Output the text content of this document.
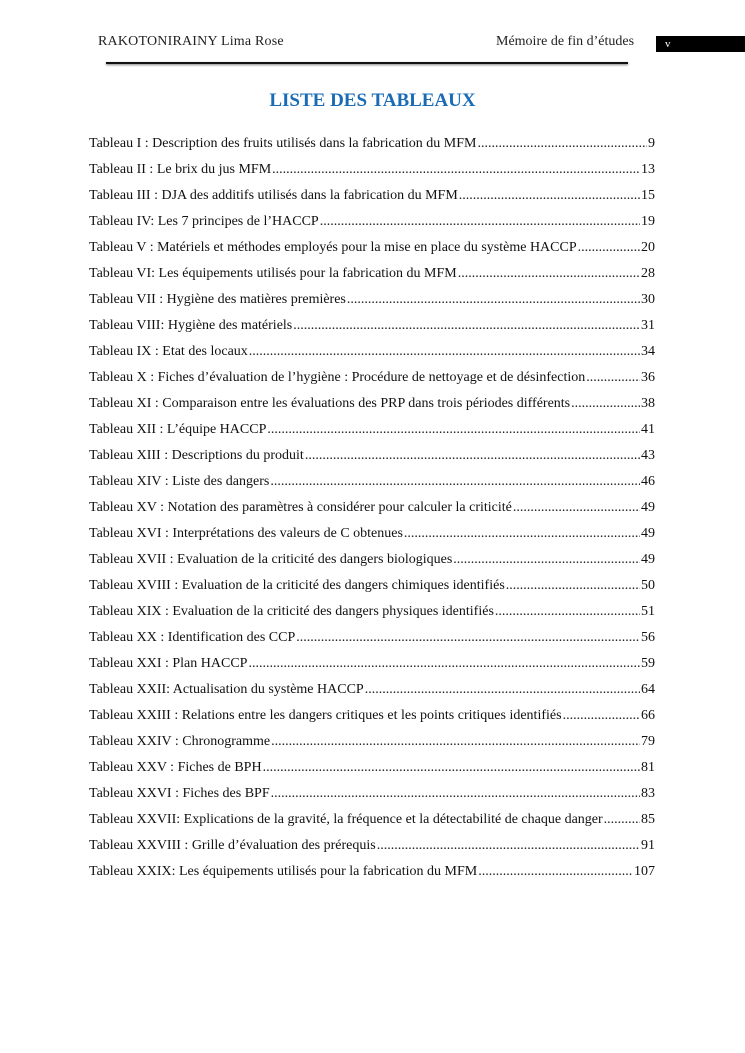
RAKOTONIRAINY Lima Rose	Mémoire de fin d’études	v
LISTE DES TABLEAUX
Tableau I : Description des fruits utilisés dans la fabrication du MFM .....	9
Tableau II : Le brix du jus MFM .....	13
Tableau III : DJA des additifs utilisés dans la fabrication du MFM .....	15
Tableau IV: Les 7 principes de l’HACCP .....	19
Tableau V : Matériels et méthodes employés pour la mise en place du système HACCP .....	20
Tableau VI: Les équipements utilisés pour la fabrication du MFM .....	28
Tableau VII : Hygiène des matières premières .....	30
Tableau VIII: Hygiène des matériels .....	31
Tableau IX : Etat des locaux .....	34
Tableau X : Fiches d’évaluation de l’hygiène : Procédure de nettoyage et de désinfection .....	36
Tableau XI : Comparaison entre les évaluations des PRP dans trois périodes différents .....	38
Tableau XII : L’équipe HACCP .....	41
Tableau XIII : Descriptions du produit .....	43
Tableau XIV : Liste des dangers .....	46
Tableau XV : Notation des paramètres à considérer pour calculer la criticité .....	49
Tableau XVI : Interprétations des valeurs de C obtenues .....	49
Tableau XVII : Evaluation de la criticité des dangers biologiques .....	49
Tableau XVIII : Evaluation de la criticité des dangers chimiques identifiés .....	50
Tableau XIX : Evaluation de la criticité des dangers physiques identifiés .....	51
Tableau XX : Identification des CCP .....	56
Tableau XXI : Plan HACCP .....	59
Tableau XXII: Actualisation du système HACCP .....	64
Tableau XXIII : Relations entre les dangers critiques et les points critiques identifiés .....	66
Tableau XXIV : Chronogramme .....	79
Tableau XXV : Fiches de BPH .....	81
Tableau XXVI : Fiches des BPF .....	83
Tableau XXVII: Explications de la gravité, la fréquence et la détectabilité de chaque danger .....	85
Tableau XXVIII : Grille d’évaluation des prérequis .....	91
Tableau XXIX: Les équipements utilisés pour la fabrication du MFM .....	107
